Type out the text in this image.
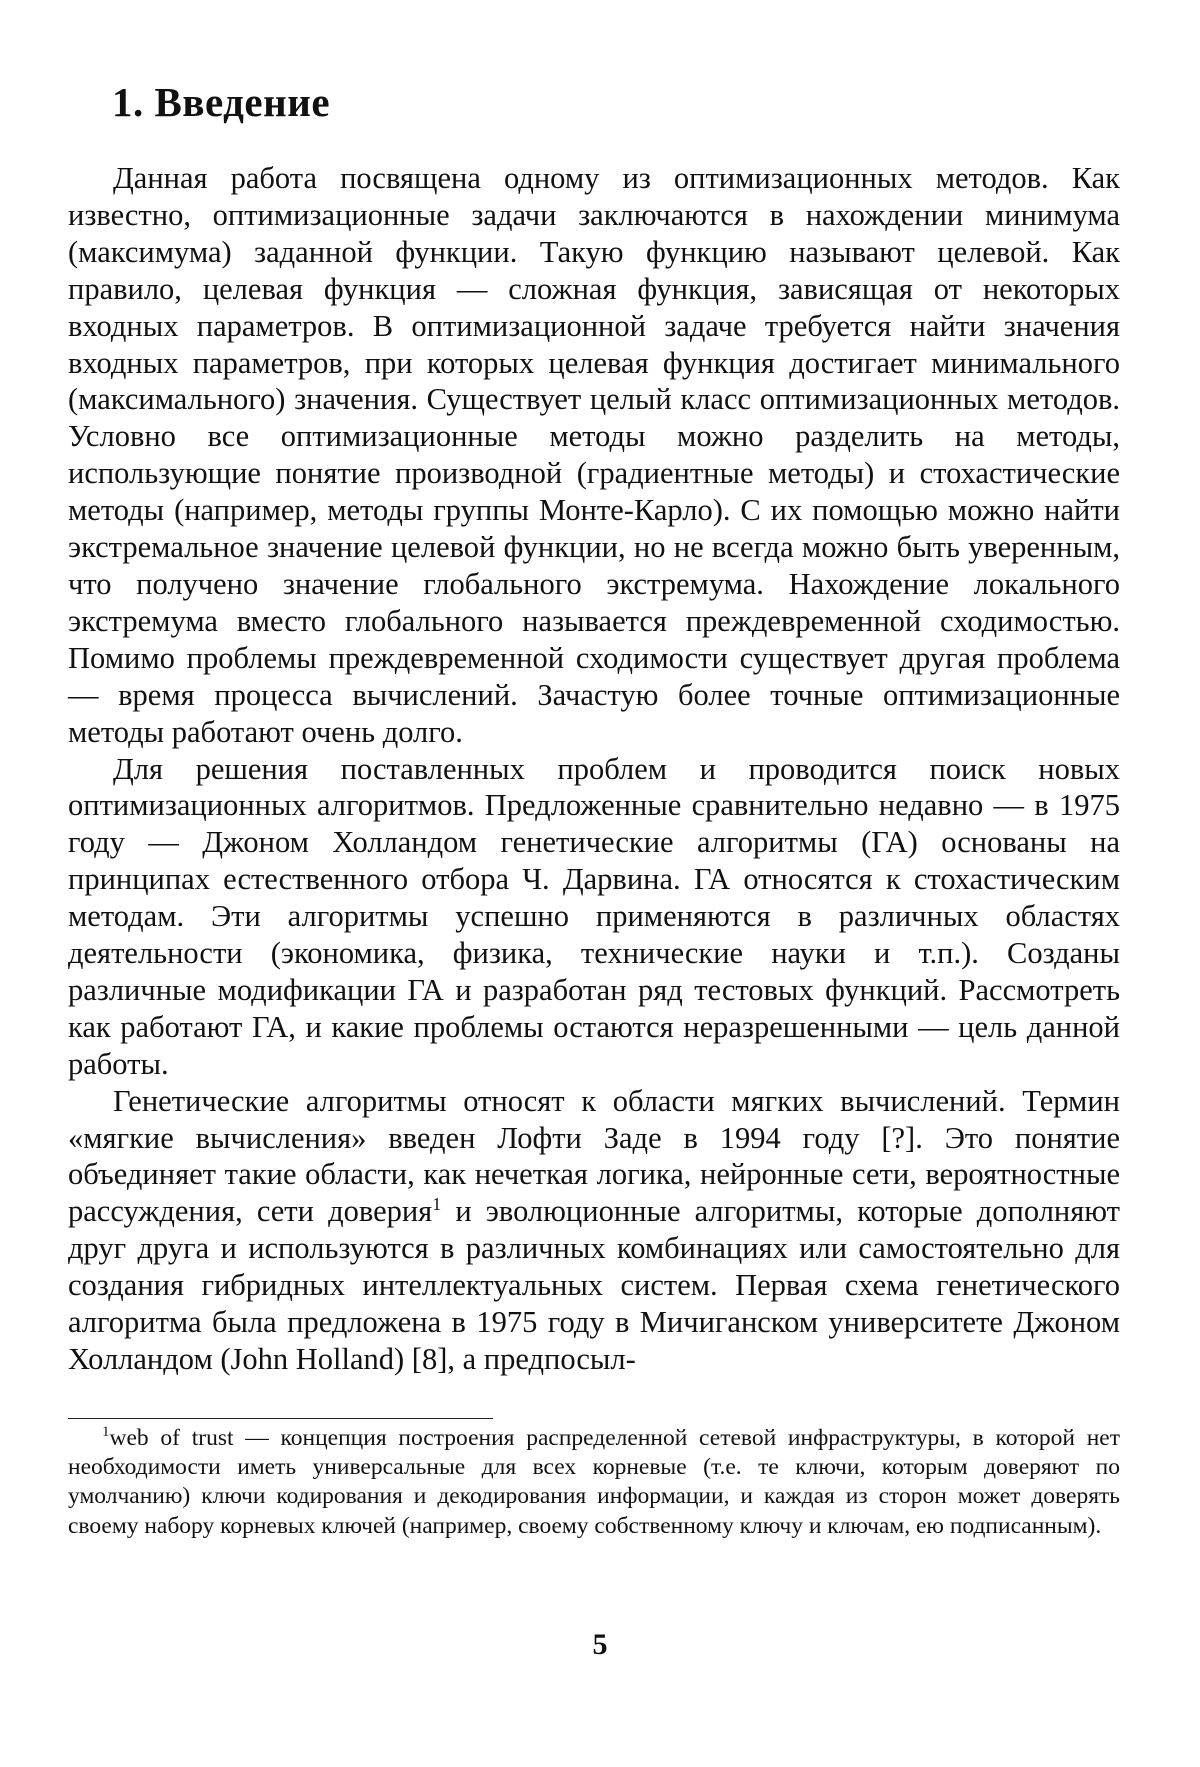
1. Введение

Данная работа посвящена одному из оптимизационных методов. Как известно, оптимизационные задачи заключаются в нахождении минимума (максимума) заданной функции. Такую функцию называют целевой. Как правило, целевая функция — сложная функция, зависящая от некоторых входных параметров. В оптимизационной задаче требуется найти значения входных параметров, при которых целевая функция достигает минимального (максимального) значения. Существует целый класс оптимизационных методов. Условно все оптимизационные методы можно разделить на методы, использующие понятие производной (градиентные методы) и стохастические методы (например, методы группы Монте-Карло). С их помощью можно найти экстремальное значение целевой функции, но не всегда можно быть уверенным, что получено значение глобального экстремума. Нахождение локального экстремума вместо глобального называется преждевременной сходимостью. Помимо проблемы преждевременной сходимости существует другая проблема — время процесса вычислений. Зачастую более точные оптимизационные методы работают очень долго.

Для решения поставленных проблем и проводится поиск новых оптимизационных алгоритмов. Предложенные сравнительно недавно — в 1975 году — Джоном Холландом генетические алгоритмы (ГА) основаны на принципах естественного отбора Ч. Дарвина. ГА относятся к стохастическим методам. Эти алгоритмы успешно применяются в различных областях деятельности (экономика, физика, технические науки и т.п.). Созданы различные модификации ГА и разработан ряд тестовых функций. Рассмотреть как работают ГА, и какие проблемы остаются неразрешенными — цель данной работы.

Генетические алгоритмы относят к области мягких вычислений. Термин «мягкие вычисления» введен Лофти Заде в 1994 году [?]. Это понятие объединяет такие области, как нечеткая логика, нейронные сети, вероятностные рассуждения, сети доверия$^1$ и эволюционные алгоритмы, которые дополняют друг друга и используются в различных комбинациях или самостоятельно для создания гибридных интеллектуальных систем. Первая схема генетического алгоритма была предложена в 1975 году в Мичиганском университете Джоном Холландом (John Holland) [8], а предпосыл-

$^1$web of trust — концепция построения распределенной сетевой инфраструктуры, в которой нет необходимости иметь универсальные для всех корневые (т.е. те ключи, которым доверяют по умолчанию) ключи кодирования и декодирования информации, и каждая из сторон может доверять своему набору корневых ключей (например, своему собственному ключу и ключам, ею подписанным).
5
